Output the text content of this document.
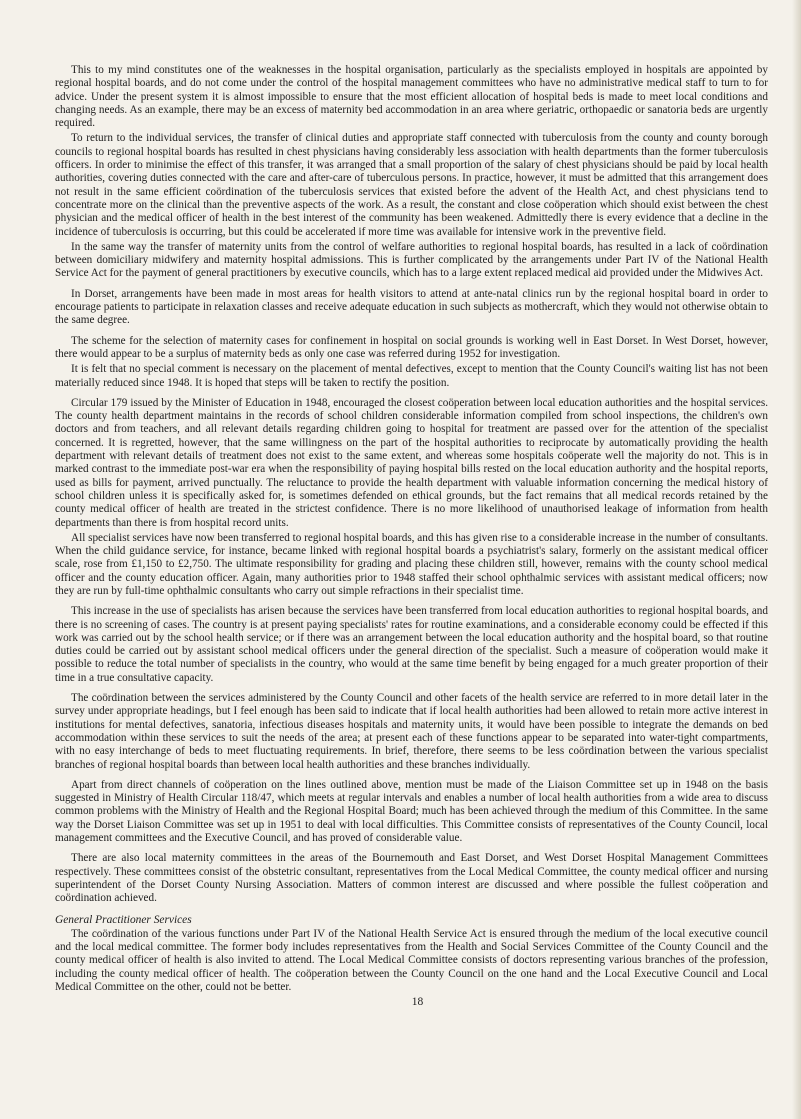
This to my mind constitutes one of the weaknesses in the hospital organisation, particularly as the specialists employed in hospitals are appointed by regional hospital boards, and do not come under the control of the hospital management committees who have no administrative medical staff to turn to for advice. Under the present system it is almost impossible to ensure that the most efficient allocation of hospital beds is made to meet local conditions and changing needs. As an example, there may be an excess of maternity bed accommodation in an area where geriatric, orthopaedic or sanatoria beds are urgently required.

To return to the individual services, the transfer of clinical duties and appropriate staff connected with tuberculosis from the county and county borough councils to regional hospital boards has resulted in chest physicians having considerably less association with health departments than the former tuberculosis officers. In order to minimise the effect of this transfer, it was arranged that a small proportion of the salary of chest physicians should be paid by local health authorities, covering duties connected with the care and after-care of tuberculous persons. In practice, however, it must be admitted that this arrangement does not result in the same efficient coördination of the tuberculosis services that existed before the advent of the Health Act, and chest physicians tend to concentrate more on the clinical than the preventive aspects of the work. As a result, the constant and close coöperation which should exist between the chest physician and the medical officer of health in the best interest of the community has been weakened. Admittedly there is every evidence that a decline in the incidence of tuberculosis is occurring, but this could be accelerated if more time was available for intensive work in the preventive field.

In the same way the transfer of maternity units from the control of welfare authorities to regional hospital boards, has resulted in a lack of coördination between domiciliary midwifery and maternity hospital admissions. This is further complicated by the arrangements under Part IV of the National Health Service Act for the payment of general practitioners by executive councils, which has to a large extent replaced medical aid provided under the Midwives Act.

In Dorset, arrangements have been made in most areas for health visitors to attend at ante-natal clinics run by the regional hospital board in order to encourage patients to participate in relaxation classes and receive adequate education in such subjects as mothercraft, which they would not otherwise obtain to the same degree.

The scheme for the selection of maternity cases for confinement in hospital on social grounds is working well in East Dorset. In West Dorset, however, there would appear to be a surplus of maternity beds as only one case was referred during 1952 for investigation.

It is felt that no special comment is necessary on the placement of mental defectives, except to mention that the County Council's waiting list has not been materially reduced since 1948. It is hoped that steps will be taken to rectify the position.

Circular 179 issued by the Minister of Education in 1948, encouraged the closest coöperation between local education authorities and the hospital services. The county health department maintains in the records of school children considerable information compiled from school inspections, the children's own doctors and from teachers, and all relevant details regarding children going to hospital for treatment are passed over for the attention of the specialist concerned. It is regretted, however, that the same willingness on the part of the hospital authorities to reciprocate by automatically providing the health department with relevant details of treatment does not exist to the same extent, and whereas some hospitals coöperate well the majority do not. This is in marked contrast to the immediate post-war era when the responsibility of paying hospital bills rested on the local education authority and the hospital reports, used as bills for payment, arrived punctually. The reluctance to provide the health department with valuable information concerning the medical history of school children unless it is specifically asked for, is sometimes defended on ethical grounds, but the fact remains that all medical records retained by the county medical officer of health are treated in the strictest confidence. There is no more likelihood of unauthorised leakage of information from health departments than there is from hospital record units.

All specialist services have now been transferred to regional hospital boards, and this has given rise to a considerable increase in the number of consultants. When the child guidance service, for instance, became linked with regional hospital boards a psychiatrist's salary, formerly on the assistant medical officer scale, rose from £1,150 to £2,750. The ultimate responsibility for grading and placing these children still, however, remains with the county school medical officer and the county education officer. Again, many authorities prior to 1948 staffed their school ophthalmic services with assistant medical officers; now they are run by full-time ophthalmic consultants who carry out simple refractions in their specialist time.

This increase in the use of specialists has arisen because the services have been transferred from local education authorities to regional hospital boards, and there is no screening of cases. The country is at present paying specialists' rates for routine examinations, and a considerable economy could be effected if this work was carried out by the school health service; or if there was an arrangement between the local education authority and the hospital board, so that routine duties could be carried out by assistant school medical officers under the general direction of the specialist. Such a measure of coöperation would make it possible to reduce the total number of specialists in the country, who would at the same time benefit by being engaged for a much greater proportion of their time in a true consultative capacity.

The coördination between the services administered by the County Council and other facets of the health service are referred to in more detail later in the survey under appropriate headings, but I feel enough has been said to indicate that if local health authorities had been allowed to retain more active interest in institutions for mental defectives, sanatoria, infectious diseases hospitals and maternity units, it would have been possible to integrate the demands on bed accommodation within these services to suit the needs of the area; at present each of these functions appear to be separated into water-tight compartments, with no easy interchange of beds to meet fluctuating requirements. In brief, therefore, there seems to be less coördination between the various specialist branches of regional hospital boards than between local health authorities and these branches individually.

Apart from direct channels of coöperation on the lines outlined above, mention must be made of the Liaison Committee set up in 1948 on the basis suggested in Ministry of Health Circular 118/47, which meets at regular intervals and enables a number of local health authorities from a wide area to discuss common problems with the Ministry of Health and the Regional Hospital Board; much has been achieved through the medium of this Committee. In the same way the Dorset Liaison Committee was set up in 1951 to deal with local difficulties. This Committee consists of representatives of the County Council, local management committees and the Executive Council, and has proved of considerable value.

There are also local maternity committees in the areas of the Bournemouth and East Dorset, and West Dorset Hospital Management Committees respectively. These committees consist of the obstetric consultant, representatives from the Local Medical Committee, the county medical officer and nursing superintendent of the Dorset County Nursing Association. Matters of common interest are discussed and where possible the fullest coöperation and coördination achieved.

General Practitioner Services

The coördination of the various functions under Part IV of the National Health Service Act is ensured through the medium of the local executive council and the local medical committee. The former body includes representatives from the Health and Social Services Committee of the County Council and the county medical officer of health is also invited to attend. The Local Medical Committee consists of doctors representing various branches of the profession, including the county medical officer of health. The coöperation between the County Council on the one hand and the Local Executive Council and Local Medical Committee on the other, could not be better.

18
